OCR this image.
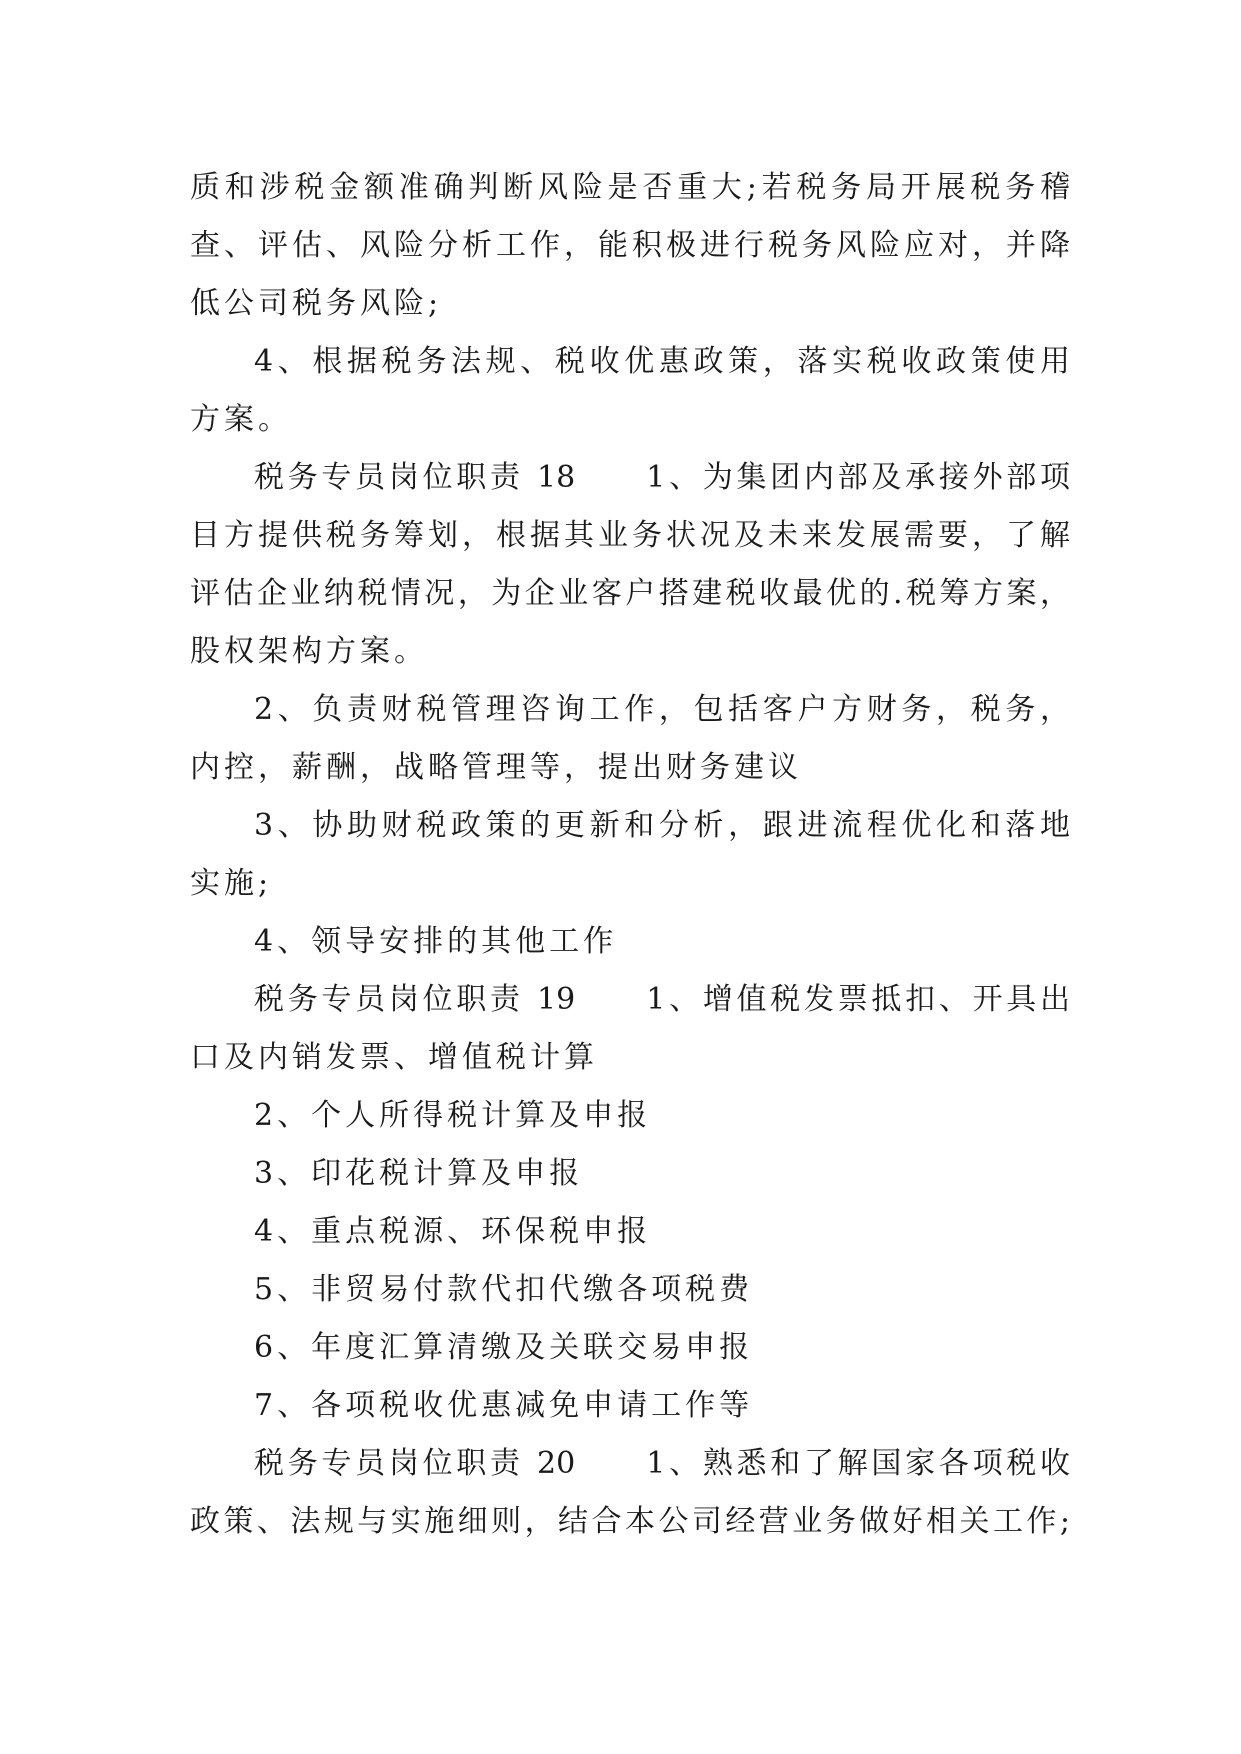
质和涉税金额准确判断风险是否重大;若税务局开展税务稽
查、评估、风险分析工作，能积极进行税务风险应对，并降
低公司税务风险;
4、根据税务法规、税收优惠政策，落实税收政策使用
方案。
税务专员岗位职责 18　　1、为集团内部及承接外部项
目方提供税务筹划，根据其业务状况及未来发展需要，了解
评估企业纳税情况，为企业客户搭建税收最优的.税筹方案，
股权架构方案。
2、负责财税管理咨询工作，包括客户方财务，税务，
内控，薪酬，战略管理等，提出财务建议
3、协助财税政策的更新和分析，跟进流程优化和落地
实施;
4、领导安排的其他工作
税务专员岗位职责 19　　1、增值税发票抵扣、开具出
口及内销发票、增值税计算
2、个人所得税计算及申报
3、印花税计算及申报
4、重点税源、环保税申报
5、非贸易付款代扣代缴各项税费
6、年度汇算清缴及关联交易申报
7、各项税收优惠减免申请工作等
税务专员岗位职责 20　　1、熟悉和了解国家各项税收
政策、法规与实施细则，结合本公司经营业务做好相关工作;
